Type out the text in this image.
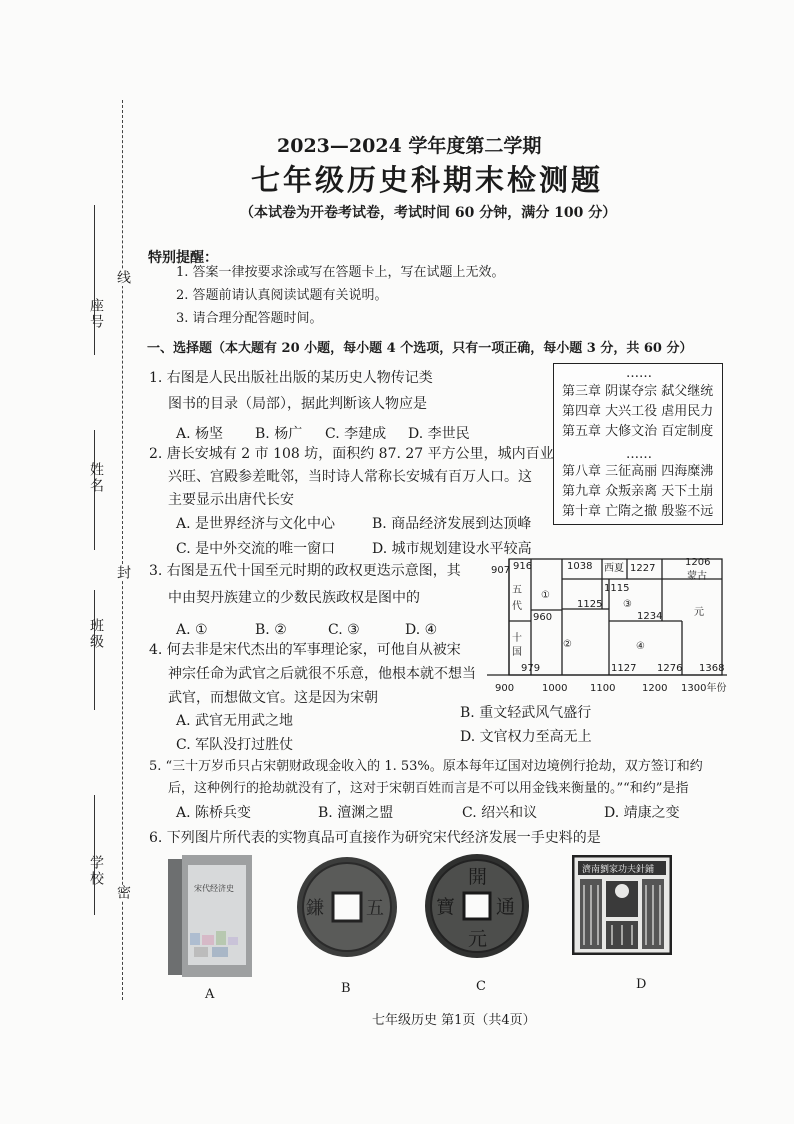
座号
线
姓名
封
班级
学校
密
2023—2024 学年度第二学期
七年级历史科期末检测题
（本试卷为开卷考试卷，考试时间 60 分钟，满分 100 分）
特别提醒：
1. 答案一律按要求涂或写在答题卡上，写在试题上无效。
2. 答题前请认真阅读试题有关说明。
3. 请合理分配答题时间。
一、选择题（本大题有 20 小题，每小题 4 个选项，只有一项正确，每小题 3 分，共 60 分）
1. 右图是人民出版社出版的某历史人物传记类
图书的目录（局部），据此判断该人物应是
A. 杨坚 B. 杨广 C. 李建成 D. 李世民
……
第三章 阴谋夺宗 弑父继统
第四章 大兴工役 虐用民力
第五章 大修文治 百定制度
……
第八章 三征高丽 四海糜沸
第九章 众叛亲离 天下土崩
第十章 亡隋之撤 殷鉴不远
2. 唐长安城有 2 市 108 坊，面积约 87. 27 平方公里，城内百业
兴旺、宫殿参差毗邻，当时诗人常称长安城有百万人口。这
主要显示出唐代长安
A. 是世界经济与文化中心	B. 商品经济发展到达顶峰
C. 是中外交流的唯一窗口	D. 城市规划建设水平较高
3. 右图是五代十国至元时期的政权更迭示意图，其
中由契丹族建立的少数民族政权是图中的
A. ①	B. ②	C. ③	D. ④
907 916	1038 西夏 1227
1206
蒙古
五
代
①
1115
1125 ③
960	1234	元
②	④
十
国
979	1127 1276 1368
900	1000 1100	1200 1300年份
4. 何去非是宋代杰出的军事理论家，可他自从被宋
神宗任命为武官之后就很不乐意，他根本就不想当
武官，而想做文官。这是因为宋朝
A. 武官无用武之地	B. 重文轻武风气盛行
C. 军队没打过胜仗	D. 文官权力至高无上
5. “三十万岁币只占宋朝财政现金收入的 1. 53%。原本每年辽国对边境例行抢劫，双方签订和约
后，这种例行的抢劫就没有了，这对于宋朝百姓而言是不可以用金钱来衡量的。”“和约”是指
A. 陈桥兵变	B. 澶渊之盟	C. 绍兴和议	D. 靖康之变
6. 下列图片所代表的实物真品可直接作为研究宋代经济发展一手史料的是
宋代经济史
A
鎌 五
B
開
通
元
寶
C
濟南劉家功夫針鋪
D
七年级历史 第1页（共4页）
